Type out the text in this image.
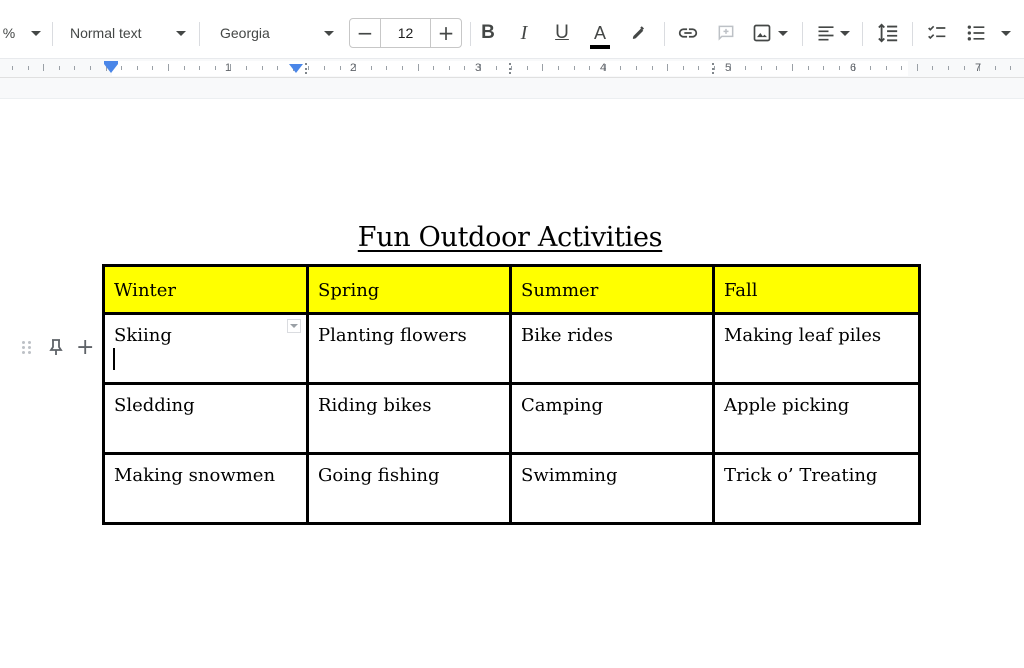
%	Normal text	Georgia	−	12	+	B	I	U	A
1	2	3	4	5	6	7
Fun Outdoor Activities
Winter	Spring	Summer	Fall
Skiing	Planting flowers	Bike rides	Making leaf piles
Sledding	Riding bikes	Camping	Apple picking
Making snowmen	Going fishing	Swimming	Trick o’ Treating
+
